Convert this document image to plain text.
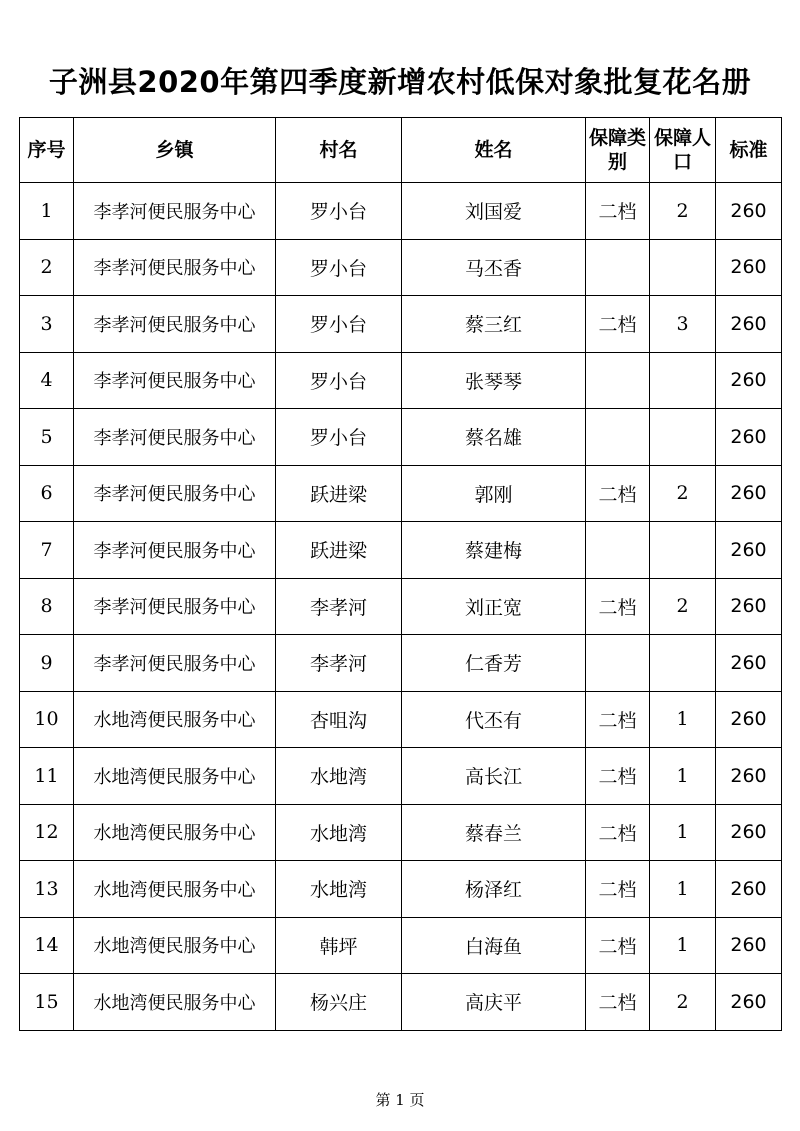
子洲县2020年第四季度新增农村低保对象批复花名册
序号	乡镇	村名	姓名	保障类别	保障人口	标准
1	李孝河便民服务中心	罗小台	刘国爱	二档	2	260
2	李孝河便民服务中心	罗小台	马丕香			260
3	李孝河便民服务中心	罗小台	蔡三红	二档	3	260
4	李孝河便民服务中心	罗小台	张琴琴			260
5	李孝河便民服务中心	罗小台	蔡名雄			260
6	李孝河便民服务中心	跃进梁	郭刚	二档	2	260
7	李孝河便民服务中心	跃进梁	蔡建梅			260
8	李孝河便民服务中心	李孝河	刘正宽	二档	2	260
9	李孝河便民服务中心	李孝河	仁香芳			260
10	水地湾便民服务中心	杏咀沟	代丕有	二档	1	260
11	水地湾便民服务中心	水地湾	高长江	二档	1	260
12	水地湾便民服务中心	水地湾	蔡春兰	二档	1	260
13	水地湾便民服务中心	水地湾	杨泽红	二档	1	260
14	水地湾便民服务中心	韩坪	白海鱼	二档	1	260
15	水地湾便民服务中心	杨兴庄	高庆平	二档	2	260
第 1 页
